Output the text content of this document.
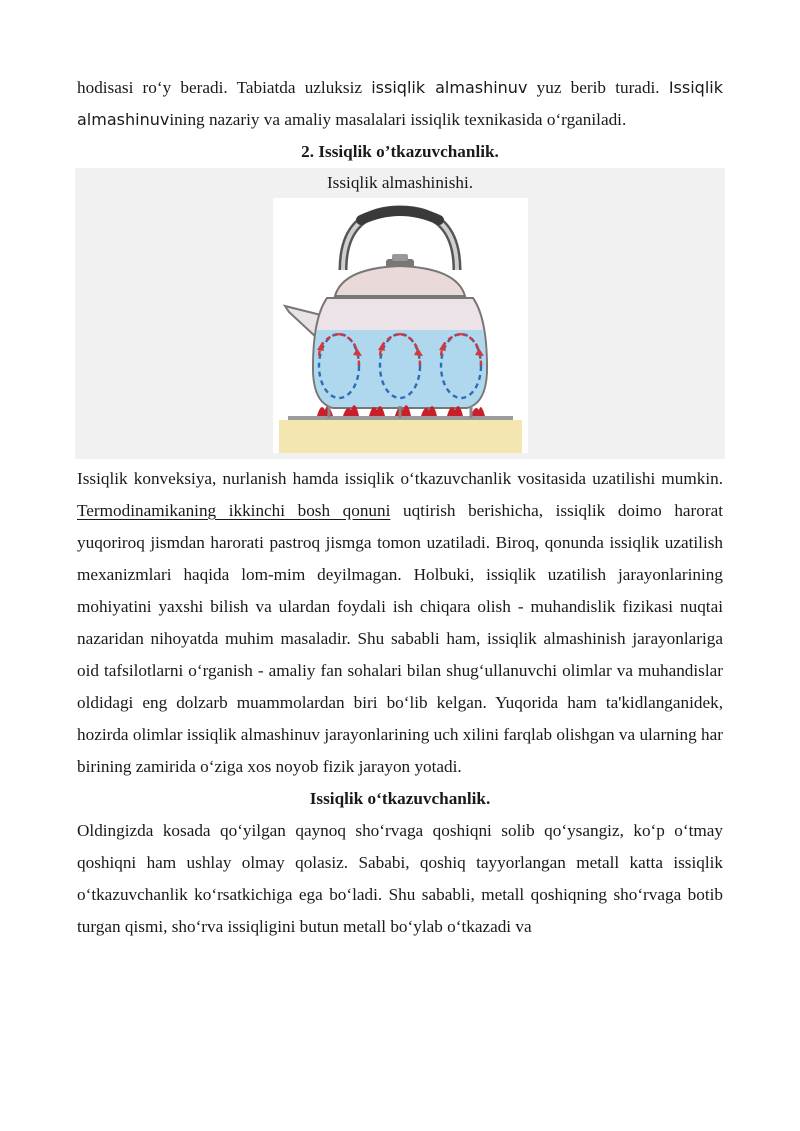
hodisasi ro‘y beradi. Tabiatda uzluksiz issiqlik almashinuv yuz berib turadi. Issiqlik almashinuvining nazariy va amaliy masalalari issiqlik texnikasida o‘rganiladi.

2. Issiqlik o’tkazuvchanlik.

Issiqlik almashinishi.

Issiqlik konveksiya, nurlanish hamda issiqlik o‘tkazuvchanlik vositasida uzatilishi mumkin. Termodinamikaning ikkinchi bosh qonuni uqtirish berishicha, issiqlik doimo harorat yuqoriroq jismdan harorati pastroq jismga tomon uzatiladi. Biroq, qonunda issiqlik uzatilish mexanizmlari haqida lom-mim deyilmagan. Holbuki, issiqlik uzatilish jarayonlarining mohiyatini yaxshi bilish va ulardan foydali ish chiqara olish - muhandislik fizikasi nuqtai nazaridan nihoyatda muhim masaladir. Shu sababli ham, issiqlik almashinish jarayonlariga oid tafsilotlarni o‘rganish - amaliy fan sohalari bilan shug‘ullanuvchi olimlar va muhandislar oldidagi eng dolzarb muammolardan biri bo‘lib kelgan. Yuqorida ham ta'kidlanganidek, hozirda olimlar issiqlik almashinuv jarayonlarining uch xilini farqlab olishgan va ularning har birining zamirida o‘ziga xos noyob fizik jarayon yotadi.

Issiqlik o‘tkazuvchanlik.

Oldingizda kosada qo‘yilgan qaynoq sho‘rvaga qoshiqni solib qo‘ysangiz, ko‘p o‘tmay qoshiqni ham ushlay olmay qolasiz. Sababi, qoshiq tayyorlangan metall katta issiqlik o‘tkazuvchanlik ko‘rsatkichiga ega bo‘ladi. Shu sababli, metall qoshiqning sho‘rvaga botib turgan qismi, sho‘rva issiqligini butun metall bo‘ylab o‘tkazadi va
